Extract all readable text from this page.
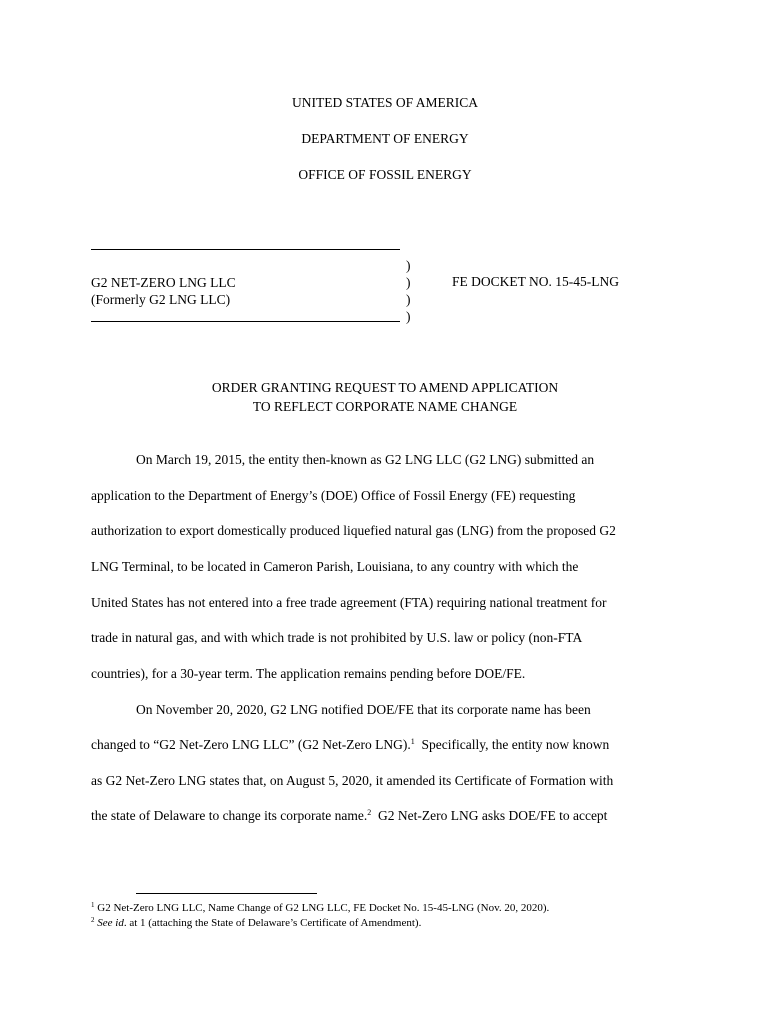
UNITED STATES OF AMERICA
DEPARTMENT OF ENERGY
OFFICE OF FOSSIL ENERGY
G2 NET-ZERO LNG LLC
(Formerly G2 LNG LLC)
)
)
)
)
FE DOCKET NO. 15-45-LNG
ORDER GRANTING REQUEST TO AMEND APPLICATION
TO REFLECT CORPORATE NAME CHANGE
On March 19, 2015, the entity then-known as G2 LNG LLC (G2 LNG) submitted an
application to the Department of Energy’s (DOE) Office of Fossil Energy (FE) requesting
authorization to export domestically produced liquefied natural gas (LNG) from the proposed G2
LNG Terminal, to be located in Cameron Parish, Louisiana, to any country with which the
United States has not entered into a free trade agreement (FTA) requiring national treatment for
trade in natural gas, and with which trade is not prohibited by U.S. law or policy (non-FTA
countries), for a 30-year term. The application remains pending before DOE/FE.
On November 20, 2020, G2 LNG notified DOE/FE that its corporate name has been
changed to “G2 Net-Zero LNG LLC” (G2 Net-Zero LNG).$^1$  Specifically, the entity now known
as G2 Net-Zero LNG states that, on August 5, 2020, it amended its Certificate of Formation with
the state of Delaware to change its corporate name.$^2$  G2 Net-Zero LNG asks DOE/FE to accept
$^1$ G2 Net-Zero LNG LLC, Name Change of G2 LNG LLC, FE Docket No. 15-45-LNG (Nov. 20, 2020).
$^2$ See id. at 1 (attaching the State of Delaware’s Certificate of Amendment).
